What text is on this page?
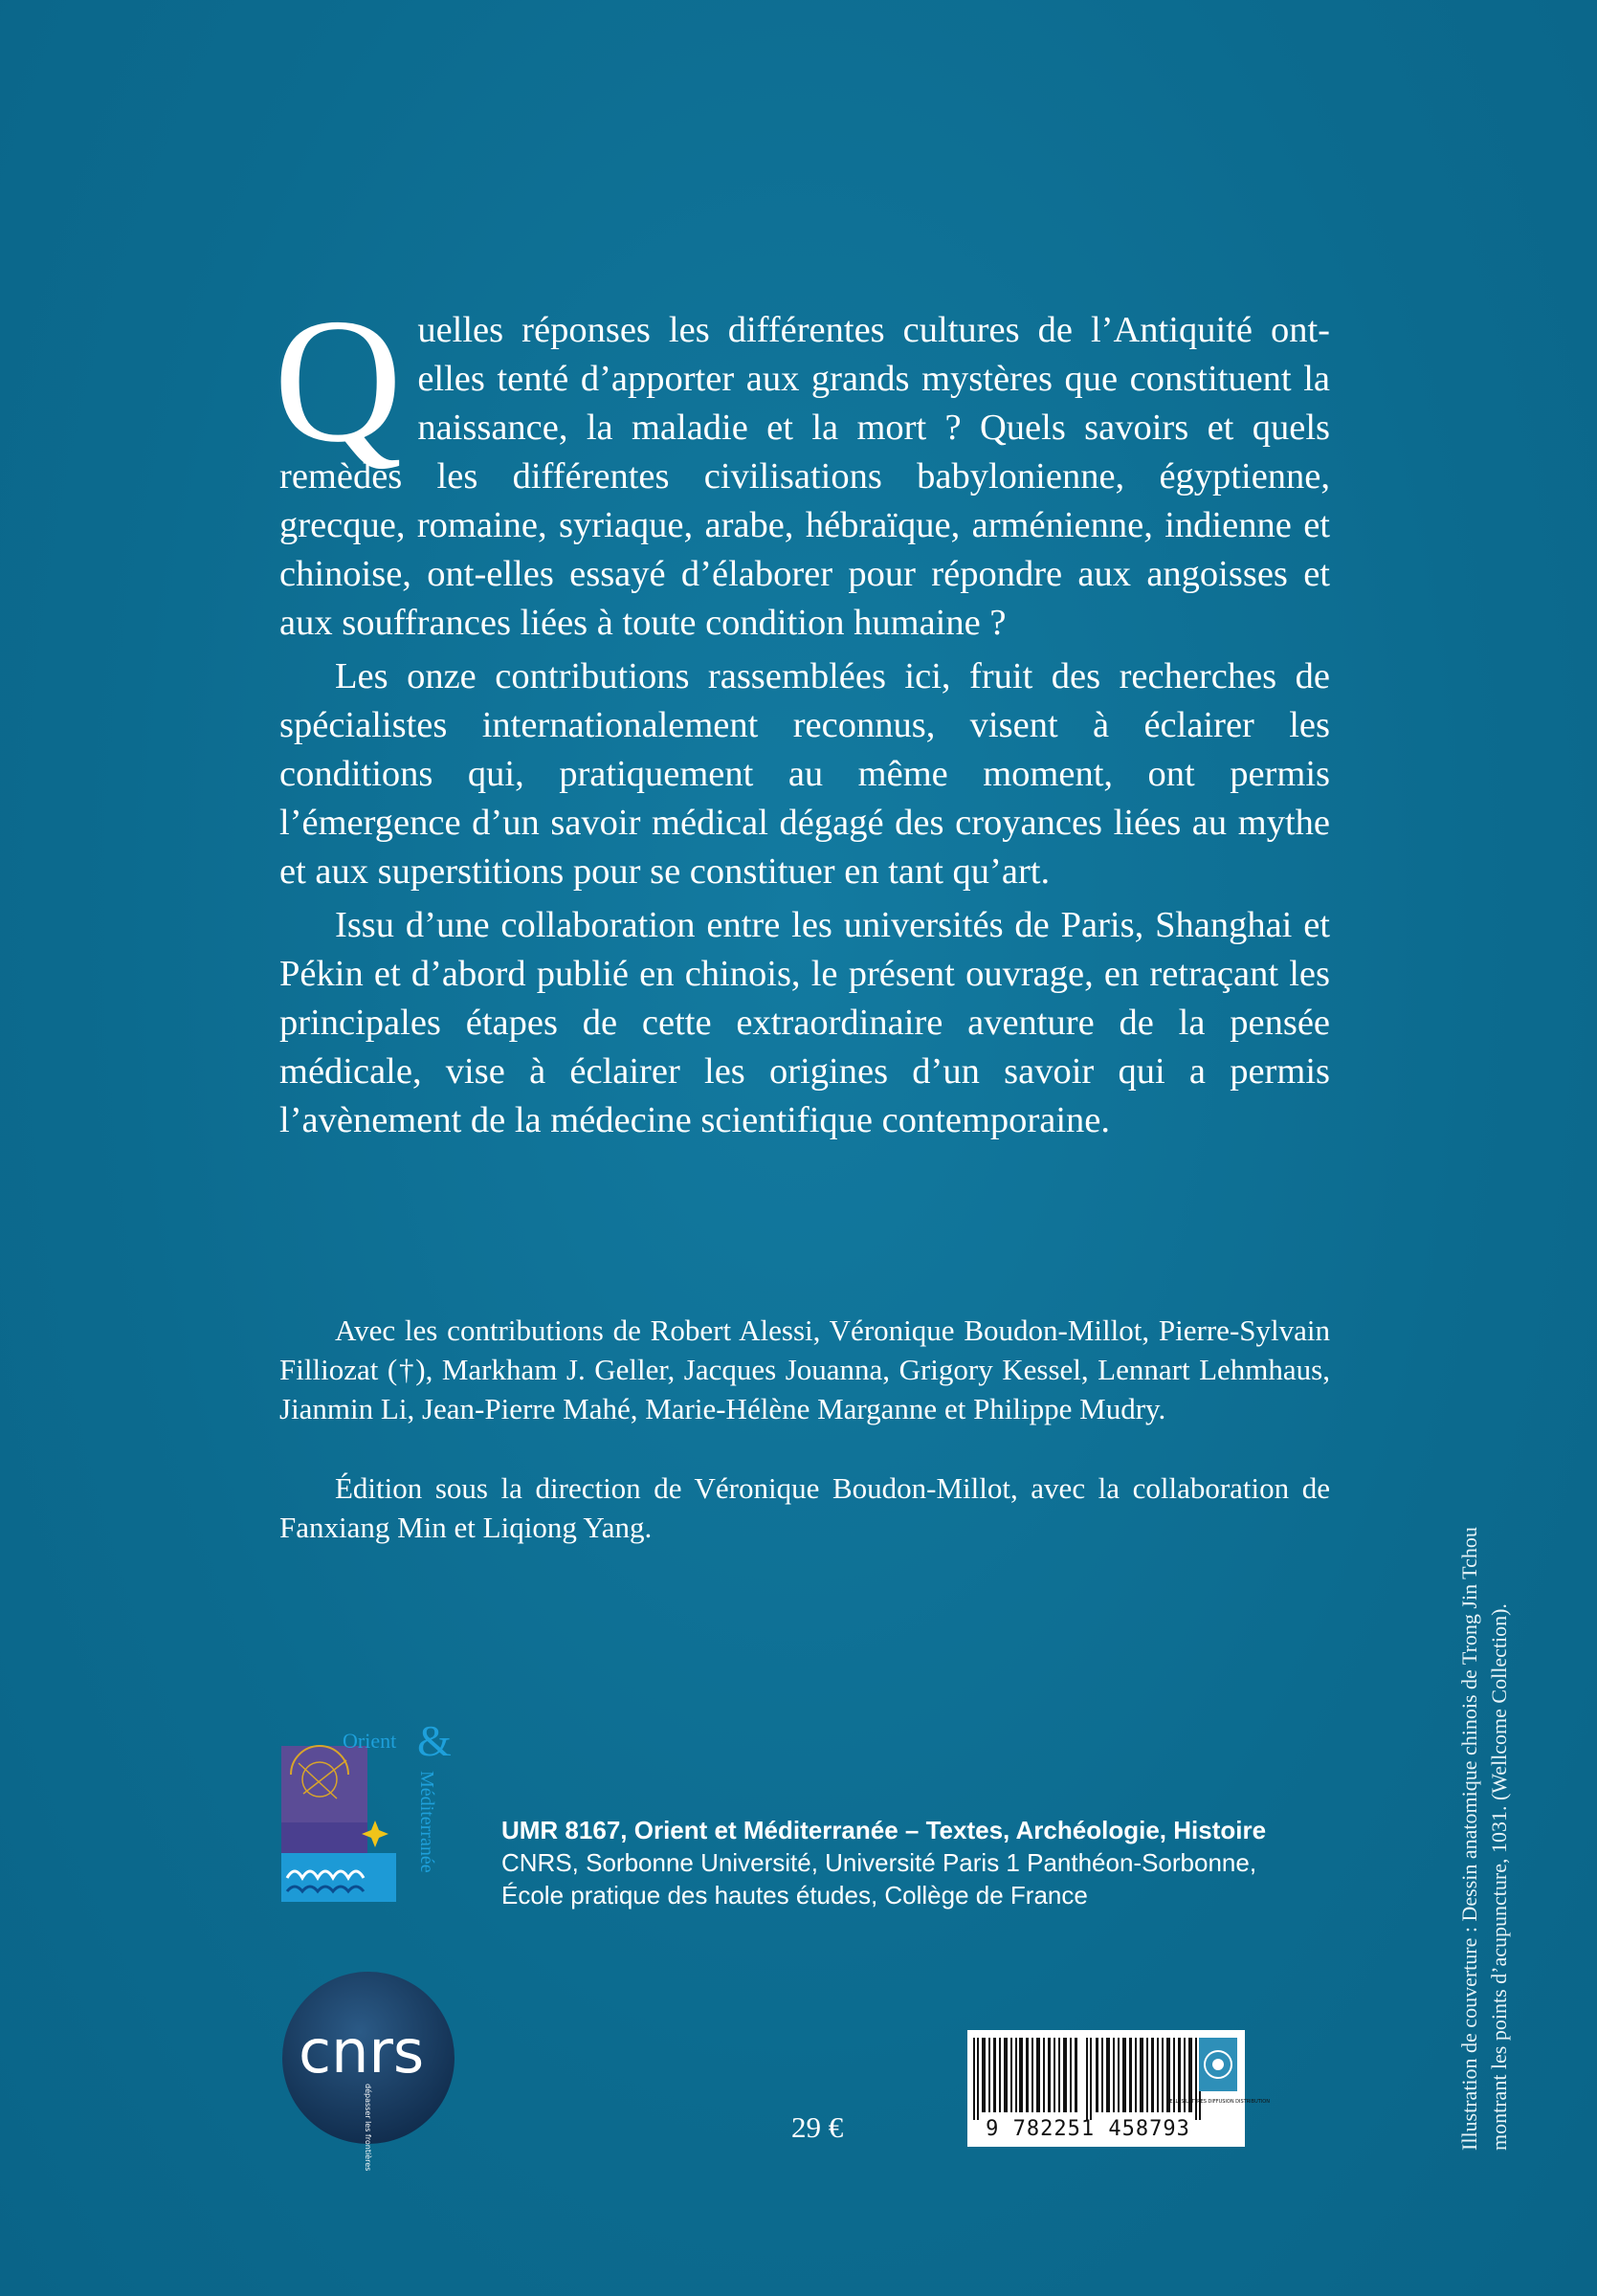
Quelles réponses les différentes cultures de l’Antiquité ont-elles tenté d’apporter aux grands mystères que constituent la naissance, la maladie et la mort ? Quels savoirs et quels remèdes les différentes civilisations babylonienne, égyptienne, grecque, romaine, syriaque, arabe, hébraïque, arménienne, indienne et chinoise, ont-elles essayé d’élaborer pour répondre aux angoisses et aux souffrances liées à toute condition humaine ?

Les onze contributions rassemblées ici, fruit des recherches de spécialistes internationalement reconnus, visent à éclairer les conditions qui, pratiquement au même moment, ont permis l’émergence d’un savoir médical dégagé des croyances liées au mythe et aux superstitions pour se constituer en tant qu’art.

Issu d’une collaboration entre les universités de Paris, Shanghai et Pékin et d’abord publié en chinois, le présent ouvrage, en retraçant les principales étapes de cette extraordinaire aventure de la pensée médicale, vise à éclairer les origines d’un savoir qui a permis l’avènement de la médecine scientifique contemporaine.

Avec les contributions de Robert Alessi, Véronique Boudon-Millot, Pierre-Sylvain Filliozat (†), Markham J. Geller, Jacques Jouanna, Grigory Kessel, Lennart Lehmhaus, Jianmin Li, Jean-Pierre Mahé, Marie-Hélène Marganne et Philippe Mudry.

Édition sous la direction de Véronique Boudon-Millot, avec la collaboration de Fanxiang Min et Liqiong Yang.

Orient &
Méditerranée	UMR 8167, Orient et Méditerranée – Textes, Archéologie, Histoire
CNRS, Sorbonne Université, Université Paris 1 Panthéon-Sorbonne,
École pratique des hautes études, Collège de France
cnrs
dépasser les frontières	29 €	9 782251 458793
BELLES LETTRES DIFFUSION DISTRIBUTION	Illustration de couverture : Dessin anatomique chinois de Trong Jin Tchou montrant les points d’acupuncture, 1031. (Wellcome Collection).
